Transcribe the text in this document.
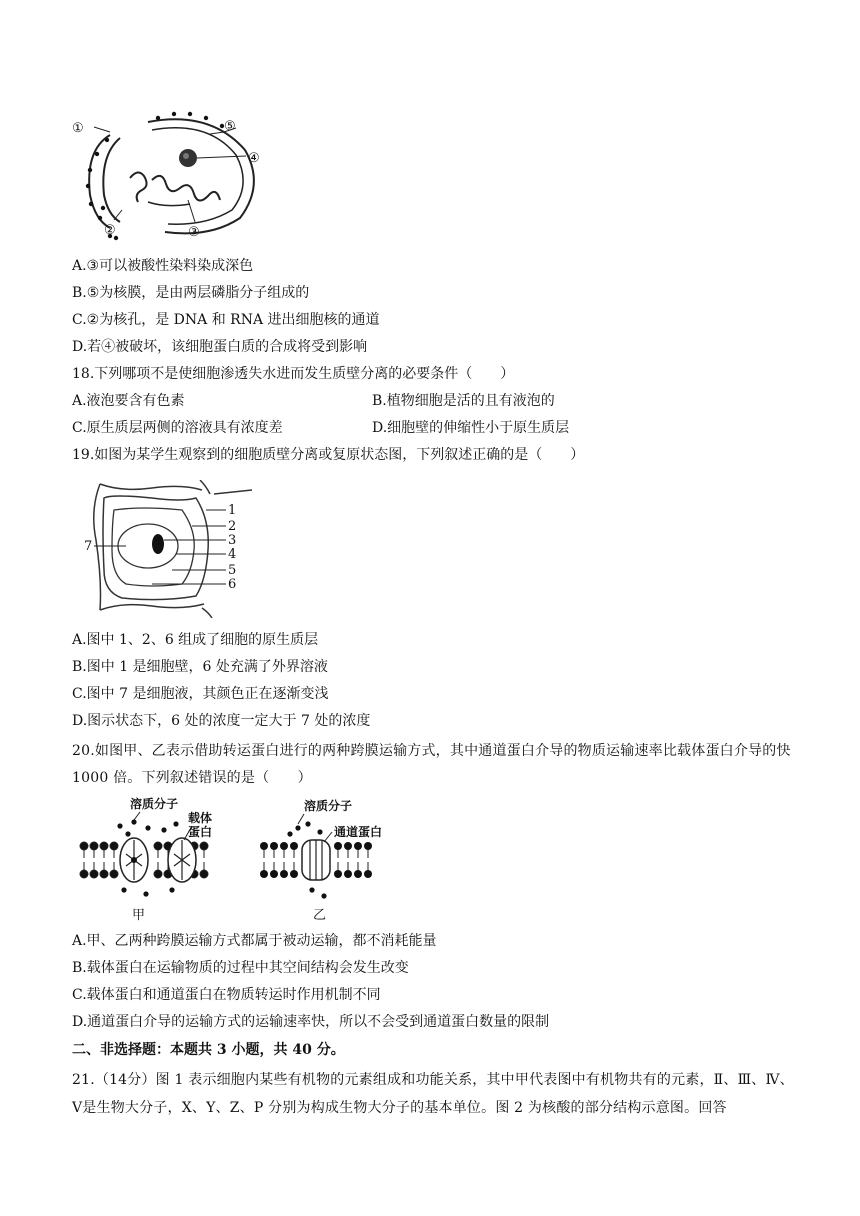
①
②	③
④
⑤
A.③可以被酸性染料染成深色
B.⑤为核膜，是由两层磷脂分子组成的
C.②为核孔，是 DNA 和 RNA 进出细胞核的通道
D.若④被破坏，该细胞蛋白质的合成将受到影响
18.下列哪项不是使细胞渗透失水进而发生质壁分离的必要条件（　　）
A.液泡要含有色素	B.植物细胞是活的且有液泡的
C.原生质层两侧的溶液具有浓度差	D.细胞壁的伸缩性小于原生质层
19.如图为某学生观察到的细胞质壁分离或复原状态图，下列叙述正确的是（　　）
1
2
3
4
5
6
7
A.图中 1、2、6 组成了细胞的原生质层
B.图中 1 是细胞壁，6 处充满了外界溶液
C.图中 7 是细胞液，其颜色正在逐渐变浅
D.图示状态下，6 处的浓度一定大于 7 处的浓度
20.如图甲、乙表示借助转运蛋白进行的两种跨膜运输方式，其中通道蛋白介导的物质运输速率比载体蛋白介导的快 1000 倍。下列叙述错误的是（　　）
溶质分子
载体
蛋白
溶质分子
通道蛋白
甲	乙
A.甲、乙两种跨膜运输方式都属于被动运输，都不消耗能量
B.载体蛋白在运输物质的过程中其空间结构会发生改变
C.载体蛋白和通道蛋白在物质转运时作用机制不同
D.通道蛋白介导的运输方式的运输速率快，所以不会受到通道蛋白数量的限制
二、非选择题：本题共 3 小题，共 40 分。
21.（14分）图 1 表示细胞内某些有机物的元素组成和功能关系，其中甲代表图中有机物共有的元素，Ⅱ、Ⅲ、Ⅳ、Ⅴ是生物大分子，X、Y、Z、P 分别为构成生物大分子的基本单位。图 2 为核酸的部分结构示意图。回答
